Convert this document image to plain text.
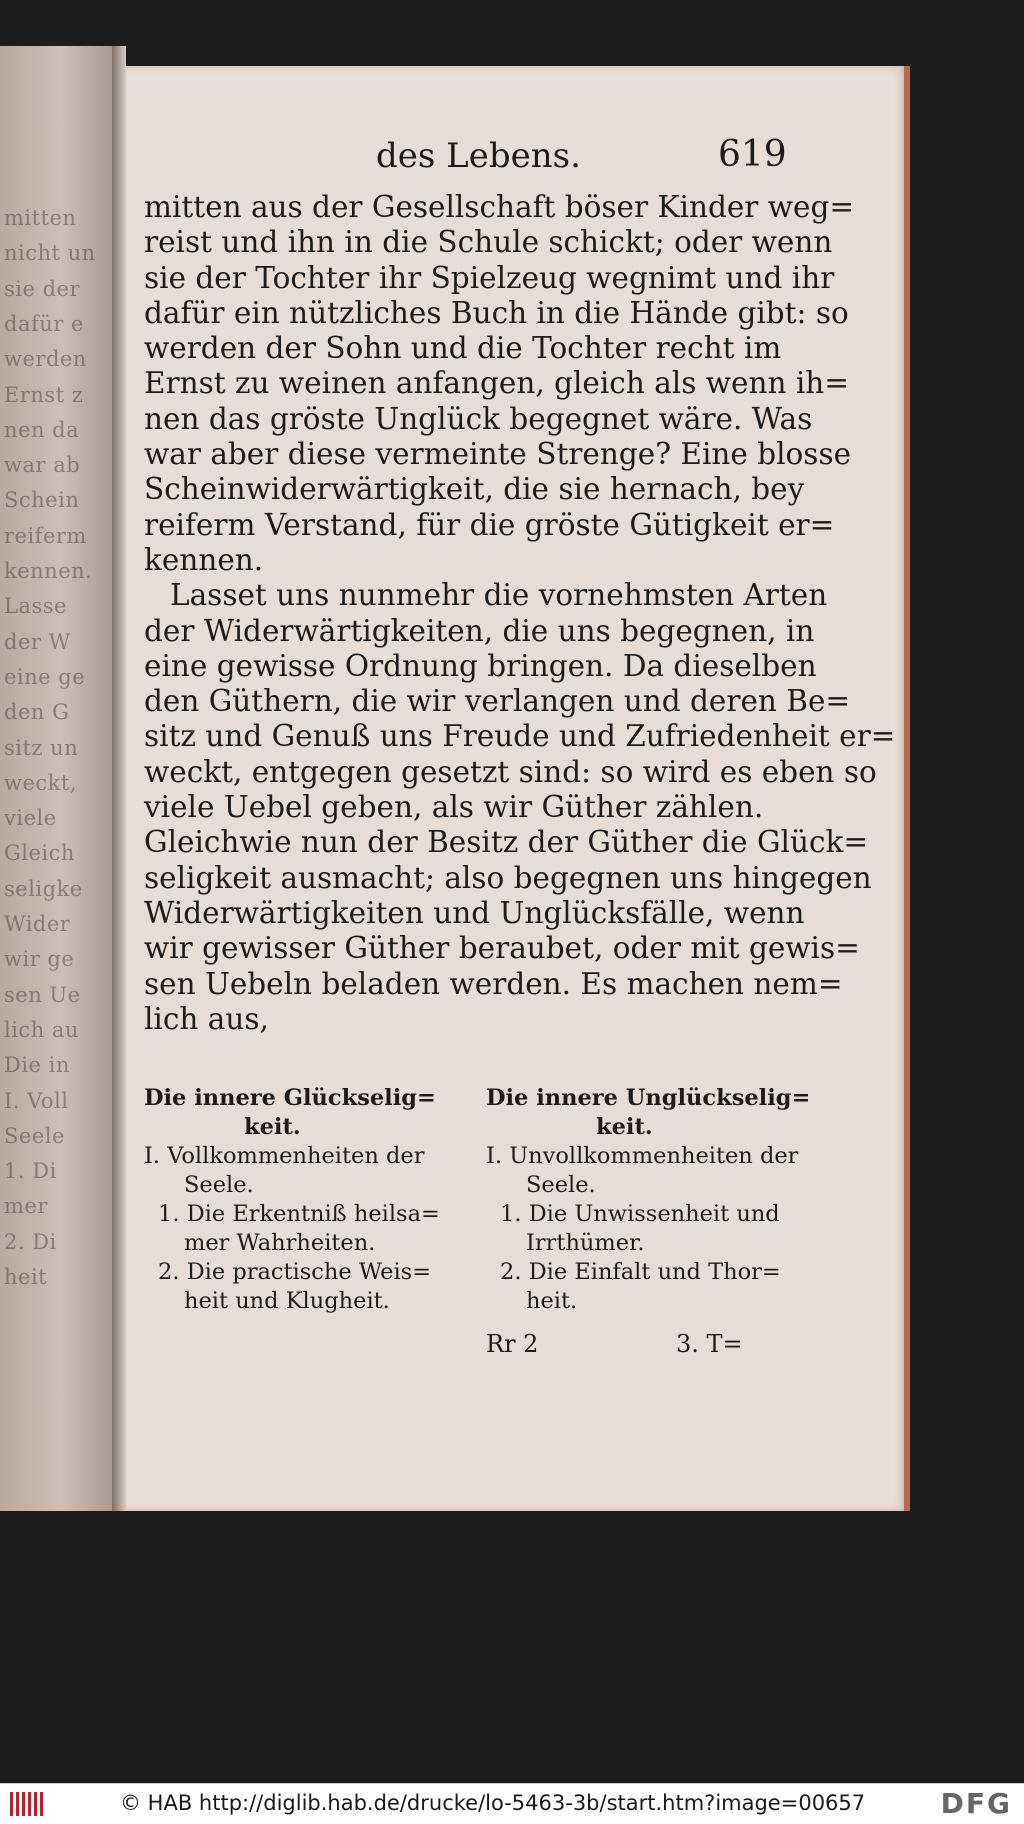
mitten
nicht un
sie der
dafür e
werden
Ernst z
nen da
war ab
Schein
reiferm
kennen.
Lasse
der W
eine ge
den G
sitz un
weckt,
viele
Gleich
seligke
Wider
wir ge
sen Ue
lich au
Die in
I. Voll
Seele
1. Di
mer
2. Di
heit
des Lebens.	619
mitten aus der Gesellschaft böser Kinder weg=
reist und ihn in die Schule schickt; oder wenn
sie der Tochter ihr Spielzeug wegnimt und ihr
dafür ein nützliches Buch in die Hände gibt: so
werden der Sohn und die Tochter recht im
Ernst zu weinen anfangen, gleich als wenn ih=
nen das gröste Unglück begegnet wäre. Was
war aber diese vermeinte Strenge? Eine blosse
Scheinwiderwärtigkeit, die sie hernach, bey
reiferm Verstand, für die gröste Gütigkeit er=
kennen.
Lasset uns nunmehr die vornehmsten Arten
der Widerwärtigkeiten, die uns begegnen, in
eine gewisse Ordnung bringen. Da dieselben
den Güthern, die wir verlangen und deren Be=
sitz und Genuß uns Freude und Zufriedenheit er=
weckt, entgegen gesetzt sind: so wird es eben so
viele Uebel geben, als wir Güther zählen.
Gleichwie nun der Besitz der Güther die Glück=
seligkeit ausmacht; also begegnen uns hingegen
Widerwärtigkeiten und Unglücksfälle, wenn
wir gewisser Güther beraubet, oder mit gewis=
sen Uebeln beladen werden. Es machen nem=
lich aus,
Die innere Glückselig=
keit.
I. Vollkommenheiten der
Seele.
1. Die Erkentniß heilsa=
mer Wahrheiten.
2. Die practische Weis=
heit und Klugheit.
Die innere Unglückselig=
keit.
I. Unvollkommenheiten der
Seele.
1. Die Unwissenheit und
Irrthümer.
2. Die Einfalt und Thor=
heit.
Rr 2	3. T=
© HAB http://diglib.hab.de/drucke/lo-5463-3b/start.htm?image=00657	DFG
